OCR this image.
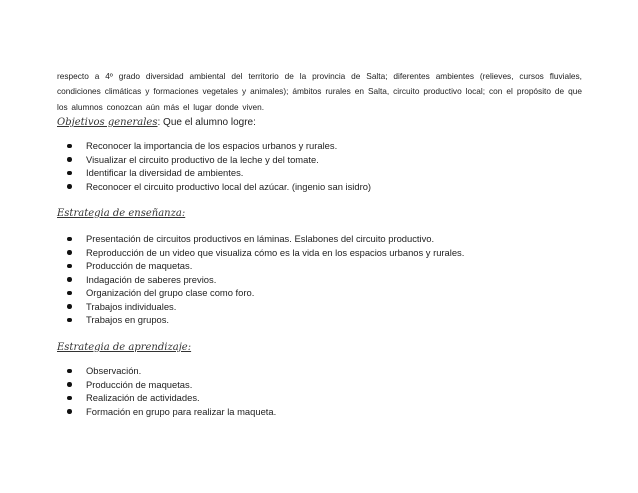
respecto a 4º grado diversidad ambiental del territorio de la provincia de Salta; diferentes ambientes (relieves, cursos fluviales, condiciones climáticas y formaciones vegetales y animales); ámbitos rurales en Salta, circuito productivo local; con el propósito de que los alumnos conozcan aún más el lugar donde viven.

Objetivos generales: Que el alumno logre:

Reconocer la importancia de los espacios urbanos y rurales.
Visualizar el circuito productivo de la leche y del tomate.
Identificar la diversidad de ambientes.
Reconocer el circuito productivo local del azúcar. (ingenio san isidro)

Estrategia de enseñanza:

Presentación de circuitos productivos en láminas. Eslabones del circuito productivo.
Reproducción de un video que visualiza cómo es la vida en los espacios urbanos y rurales.
Producción de maquetas.
Indagación de saberes previos.
Organización del grupo clase como foro.
Trabajos individuales.
Trabajos en grupos.

Estrategia de aprendizaje:

Observación.
Producción de maquetas.
Realización de actividades.
Formación en grupo para realizar la maqueta.
